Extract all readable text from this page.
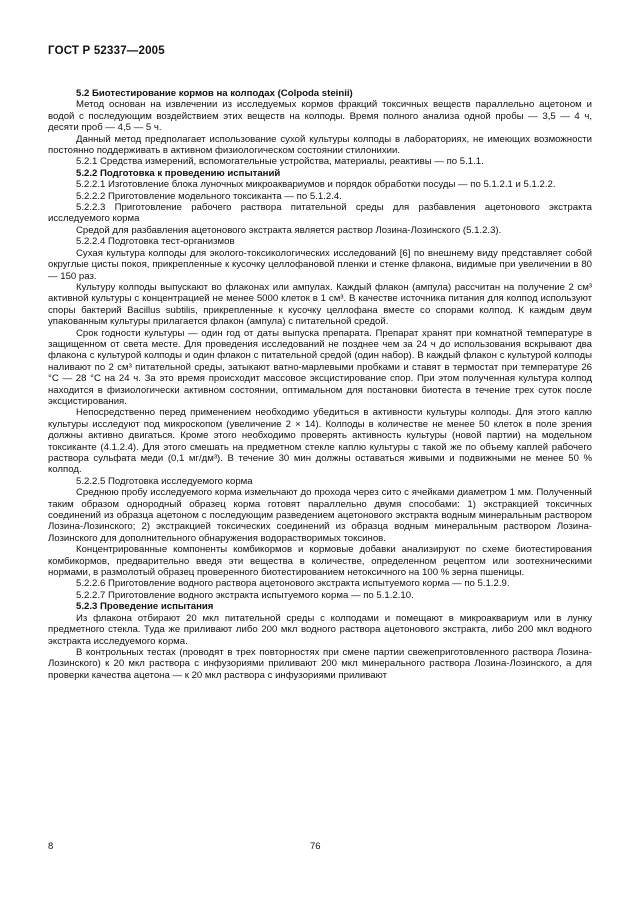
ГОСТ Р 52337—2005

5.2 Биотестирование кормов на колподах (Colpoda steinii)

Метод основан на извлечении из исследуемых кормов фракций токсичных веществ параллельно ацетоном и водой с последующим воздействием этих веществ на колподы. Время полного анализа одной пробы — 3,5 — 4 ч, десяти проб — 4,5 — 5 ч.

Данный метод предполагает использование сухой культуры колподы в лабораториях, не имеющих возможности постоянно поддерживать в активном физиологическом состоянии стилонихии.

5.2.1 Средства измерений, вспомогательные устройства, материалы, реактивы — по 5.1.1.

5.2.2 Подготовка к проведению испытаний

5.2.2.1 Изготовление блока луночных микроаквариумов и порядок обработки посуды — по 5.1.2.1 и 5.1.2.2.

5.2.2.2 Приготовление модельного токсиканта — по 5.1.2.4.

5.2.2.3 Приготовление рабочего раствора питательной среды для разбавления ацетонового экстракта исследуемого корма

Средой для разбавления ацетонового экстракта является раствор Лозина-Лозинского (5.1.2.3).

5.2.2.4 Подготовка тест-организмов

Сухая культура колподы для эколого-токсикологических исследований [6] по внешнему виду представляет собой округлые цисты покоя, прикрепленные к кусочку целлофановой пленки и стенке флакона, видимые при увеличении в 80 — 150 раз.

Культуру колподы выпускают во флаконах или ампулах. Каждый флакон (ампула) рассчитан на получение 2 см³ активной культуры с концентрацией не менее 5000 клеток в 1 см³. В качестве источника питания для колпод используют споры бактерий Bacillus subtilis, прикрепленные к кусочку целлофана вместе со спорами колпод. К каждым двум упакованным культуры прилагается флакон (ампула) с питательной средой.

Срок годности культуры — один год от даты выпуска препарата. Препарат хранят при комнатной температуре в защищенном от света месте. Для проведения исследований не позднее чем за 24 ч до использования вскрывают два флакона с культурой колподы и один флакон с питательной средой (один набор). В каждый флакон с культурой колподы наливают по 2 см³ питательной среды, затыкают ватно-марлевыми пробками и ставят в термостат при температуре 26 °С — 28 °С на 24 ч. За это время происходит массовое эксцистирование спор. При этом полученная культура колпод находится в физиологически активном состоянии, оптимальном для постановки биотеста в течение трех суток после эксцистирования.

Непосредственно перед применением необходимо убедиться в активности культуры колподы. Для этого каплю культуры исследуют под микроскопом (увеличение 2 × 14). Колподы в количестве не менее 50 клеток в поле зрения должны активно двигаться. Кроме этого необходимо проверять активность культуры (новой партии) на модельном токсиканте (4.1.2.4). Для этого смешать на предметном стекле каплю культуры с такой же по объему каплей рабочего раствора сульфата меди (0,1 мг/дм³). В течение 30 мин должны оставаться живыми и подвижными не менее 50 % колпод.

5.2.2.5 Подготовка исследуемого корма

Среднюю пробу исследуемого корма измельчают до прохода через сито с ячейками диаметром 1 мм. Полученный таким образом однородный образец корма готовят параллельно двумя способами: 1) экстракцией токсичных соединений из образца ацетоном с последующим разведением ацетонового экстракта водным минеральным раствором Лозина-Лозинского; 2) экстракцией токсических соединений из образца водным минеральным раствором Лозина-Лозинского для дополнительного обнаружения водорастворимых токсинов.

Концентрированные компоненты комбикормов и кормовые добавки анализируют по схеме биотестирования комбикормов, предварительно введя эти вещества в количестве, определенном рецептом или зоотехническими нормами, в размолотый образец проверенного биотестированием нетоксичного на 100 % зерна пшеницы.

5.2.2.6 Приготовление водного раствора ацетонового экстракта испытуемого корма — по 5.1.2.9.

5.2.2.7 Приготовление водного экстракта испытуемого корма — по 5.1.2.10.

5.2.3 Проведение испытания

Из флакона отбирают 20 мкл питательной среды с колподами и помещают в микроаквариум или в лунку предметного стекла. Туда же приливают либо 200 мкл водного раствора ацетонового экстракта, либо 200 мкл водного экстракта исследуемого корма.

В контрольных тестах (проводят в трех повторностях при смене партии свежеприготовленного раствора Лозина-Лозинского) к 20 мкл раствора с инфузориями приливают 200 мкл минерального раствора Лозина-Лозинского, а для проверки качества ацетона — к 20 мкл раствора с инфузориями приливают

8	76
